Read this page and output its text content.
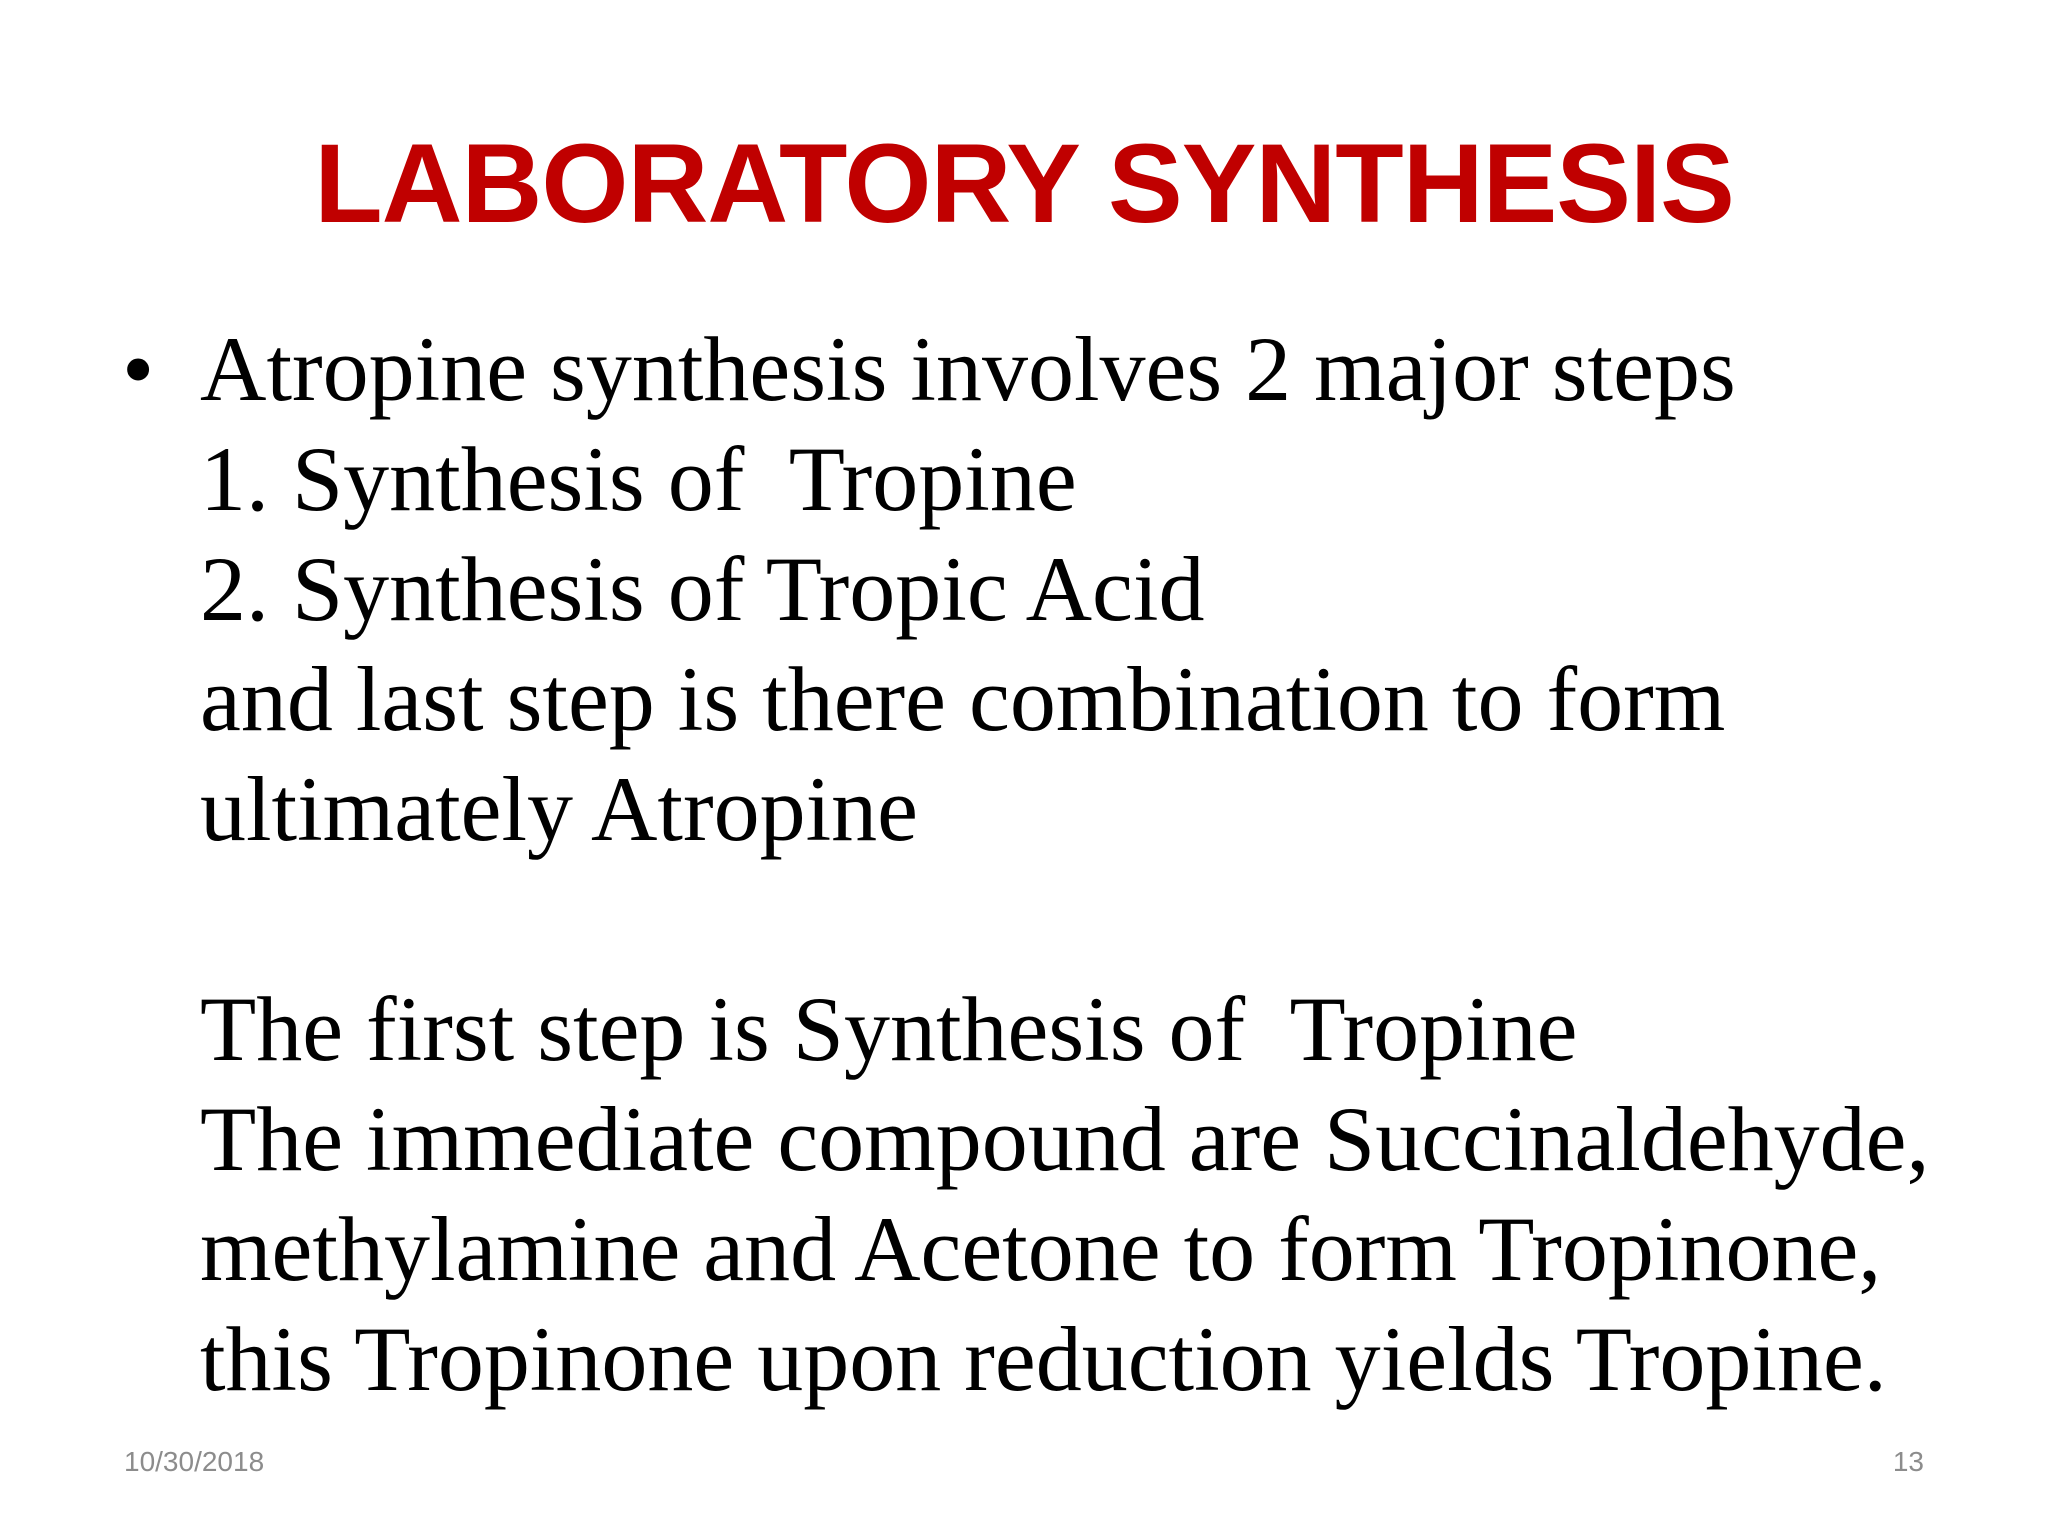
LABORATORY SYNTHESIS
• Atropine synthesis involves 2 major steps
1. Synthesis of  Tropine
2. Synthesis of Tropic Acid
and last step is there combination to form
ultimately Atropine
The first step is Synthesis of  Tropine
The immediate compound are Succinaldehyde,
methylamine and Acetone to form Tropinone,
this Tropinone upon reduction yields Tropine.
10/30/2018	13
